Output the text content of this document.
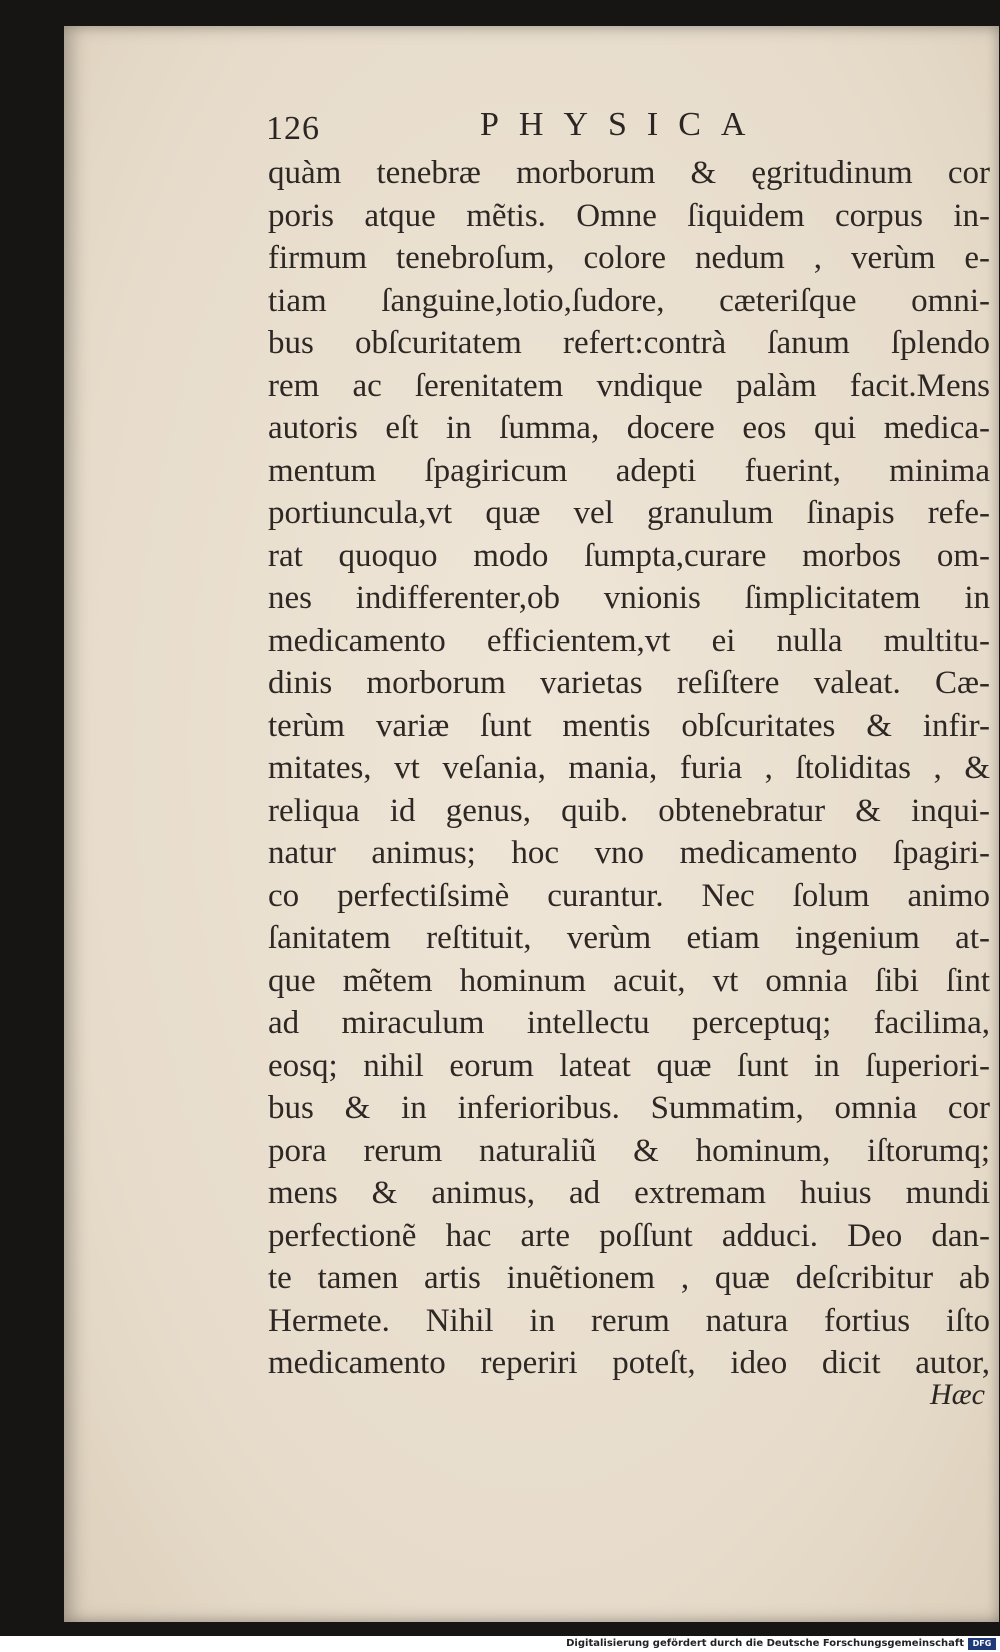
126	PHYSICA
quàm tenebræ morborum & ęgritudinum cor
poris atque mẽtis. Omne ſiquidem corpus in-
firmum tenebroſum, colore nedum , verùm e-
tiam ſanguine,lotio,ſudore, cæteriſque omni-
bus obſcuritatem refert:contrà ſanum ſplendo
rem ac ſerenitatem vndique palàm facit.Mens
autoris eſt in ſumma, docere eos qui medica-
mentum ſpagiricum adepti fuerint, minima
portiuncula,vt quæ vel granulum ſinapis refe-
rat quoquo modo ſumpta,curare morbos om-
nes indifferenter,ob vnionis ſimplicitatem in
medicamento efficientem,vt ei nulla multitu-
dinis morborum varietas reſiſtere valeat. Cæ-
terùm variæ ſunt mentis obſcuritates & infir-
mitates, vt veſania, mania, furia , ſtoliditas , &
reliqua id genus, quib. obtenebratur & inqui-
natur animus; hoc vno medicamento ſpagiri-
co perfectiſsimè curantur. Nec ſolum animo
ſanitatem reſtituit, verùm etiam ingenium at-
que mẽtem hominum acuit, vt omnia ſibi ſint
ad miraculum intellectu perceptuq; facilima,
eosq; nihil eorum lateat quæ ſunt in ſuperiori-
bus & in inferioribus. Summatim, omnia cor
pora rerum naturaliũ & hominum, iſtorumq;
mens & animus, ad extremam huius mundi
perfectionẽ hac arte poſſunt adduci. Deo dan-
te tamen artis inuẽtionem , quæ deſcribitur ab
Hermete. Nihil in rerum natura fortius iſto
medicamento reperiri poteſt, ideo dicit autor,
Hæc
Digitalisierung gefördert durch die Deutsche Forschungsgemeinschaft	DFG
